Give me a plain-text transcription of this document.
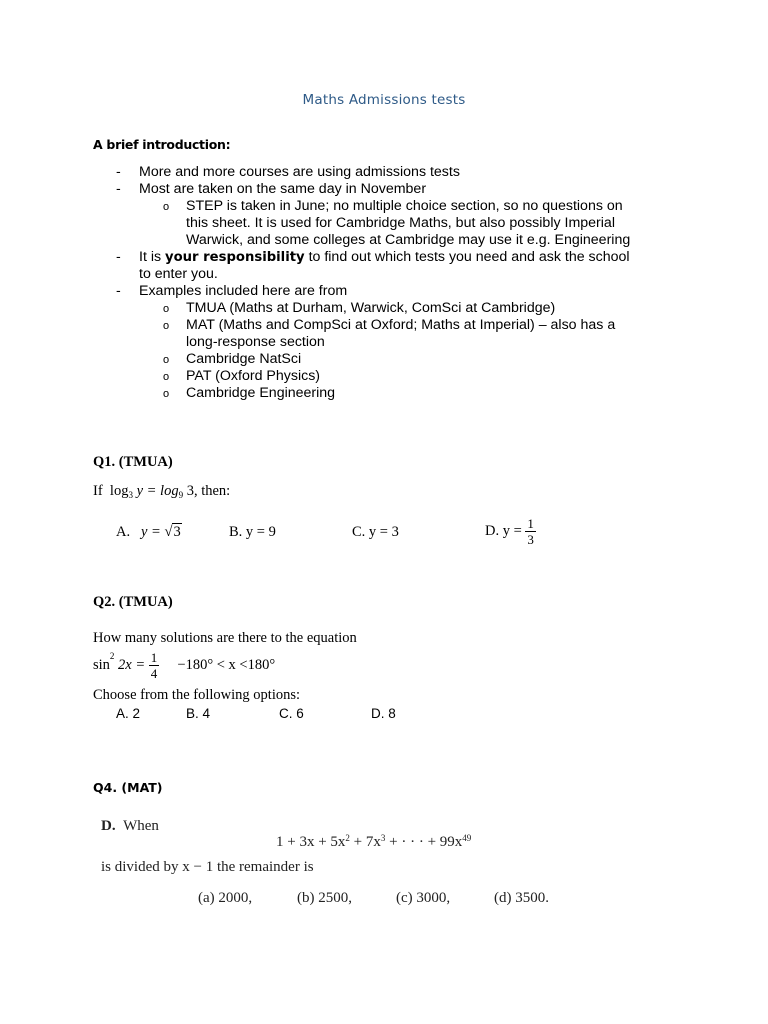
Maths Admissions tests
A brief introduction:
- More and more courses are using admissions tests
- Most are taken on the same day in November
o STEP is taken in June; no multiple choice section, so no questions on
this sheet. It is used for Cambridge Maths, but also possibly Imperial
Warwick, and some colleges at Cambridge may use it e.g. Engineering
- It is your responsibility to find out which tests you need and ask the school
to enter you.
- Examples included here are from
o TMUA (Maths at Durham, Warwick, ComSci at Cambridge)
o MAT (Maths and CompSci at Oxford; Maths at Imperial) – also has a
long-response section
o Cambridge NatSci
o PAT (Oxford Physics)
o Cambridge Engineering
Q1. (TMUA)
If $\log_3 y = \log_9 3$, then:
A. y = √3	B. y = 9	C. y = 3	D. $y = \frac{1}{3}$
Q2. (TMUA)
How many solutions are there to the equation
$\sin^2 2x = \frac{1}{4} -180^\circ < x <180^\circ$
Choose from the following options:
A. 2	B. 4	C. 6	D. 8
Q4. (MAT)
D. When
$1 + 3x + 5x^2 + 7x^3$ + · · · + $99x^{49}$
is divided by x − 1 the remainder is
(a) 2000,	(b) 2500,	(c) 3000,	(d) 3500.
